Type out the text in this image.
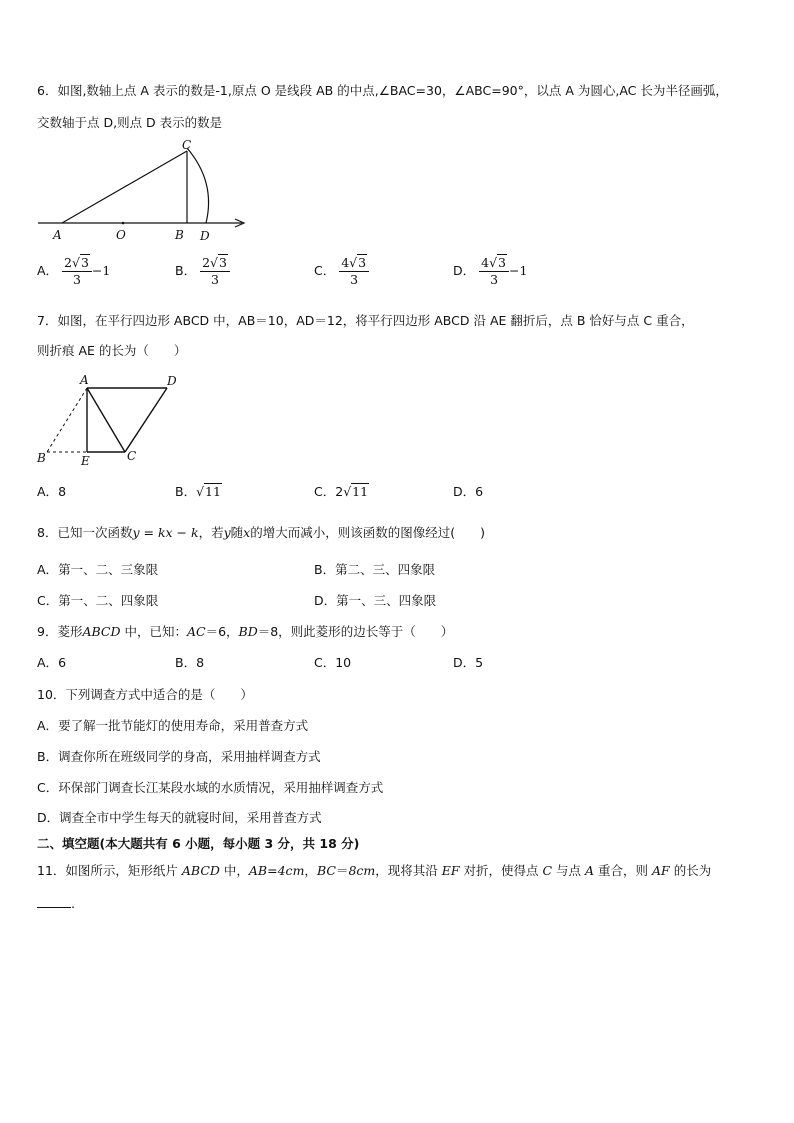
6．如图,数轴上点 A 表示的数是-1,原点 O 是线段 AB 的中点,∠BAC=30，∠ABC=90°，以点 A 为圆心,AC 长为半径画弧，
交数轴于点 D,则点 D 表示的数是
A	O	B
C
D
A． $\frac{2√3}{3} -1$	B． $\frac{2√3}{3}$	C． $\frac{4√3}{3}$	D． $\frac{4√3}{3} -1$
7．如图，在平行四边形 ABCD 中，AB＝10，AD＝12，将平行四边形 ABCD 沿 AE 翻折后，点 B 恰好与点 C 重合，
则折痕 AE 的长为（　　）
A	D
B	E	C
A．8	B．√11	C．2√11	D．6
8．已知一次函数y = kx − k，若y随x的增大而减小，则该函数的图像经过(　　)
A．第一、二、三象限	B．第二、三、四象限
C．第一、二、四象限	D．第一、三、四象限
9．菱形ABCD 中，已知：AC＝6，BD＝8，则此菱形的边长等于（　　）
A．6	B．8	C．10	D．5
10．下列调查方式中适合的是（　　）
A．要了解一批节能灯的使用寿命，采用普查方式
B．调查你所在班级同学的身高，采用抽样调查方式
C．环保部门调查长江某段水域的水质情况，采用抽样调查方式
D．调查全市中学生每天的就寝时间，采用普查方式
二、填空题(本大题共有 6 小题，每小题 3 分，共 18 分)
11．如图所示，矩形纸片 ABCD 中，AB=4cm，BC＝8cm，现将其沿 EF 对折，使得点 C 与点 A 重合，则 AF 的长为
.
